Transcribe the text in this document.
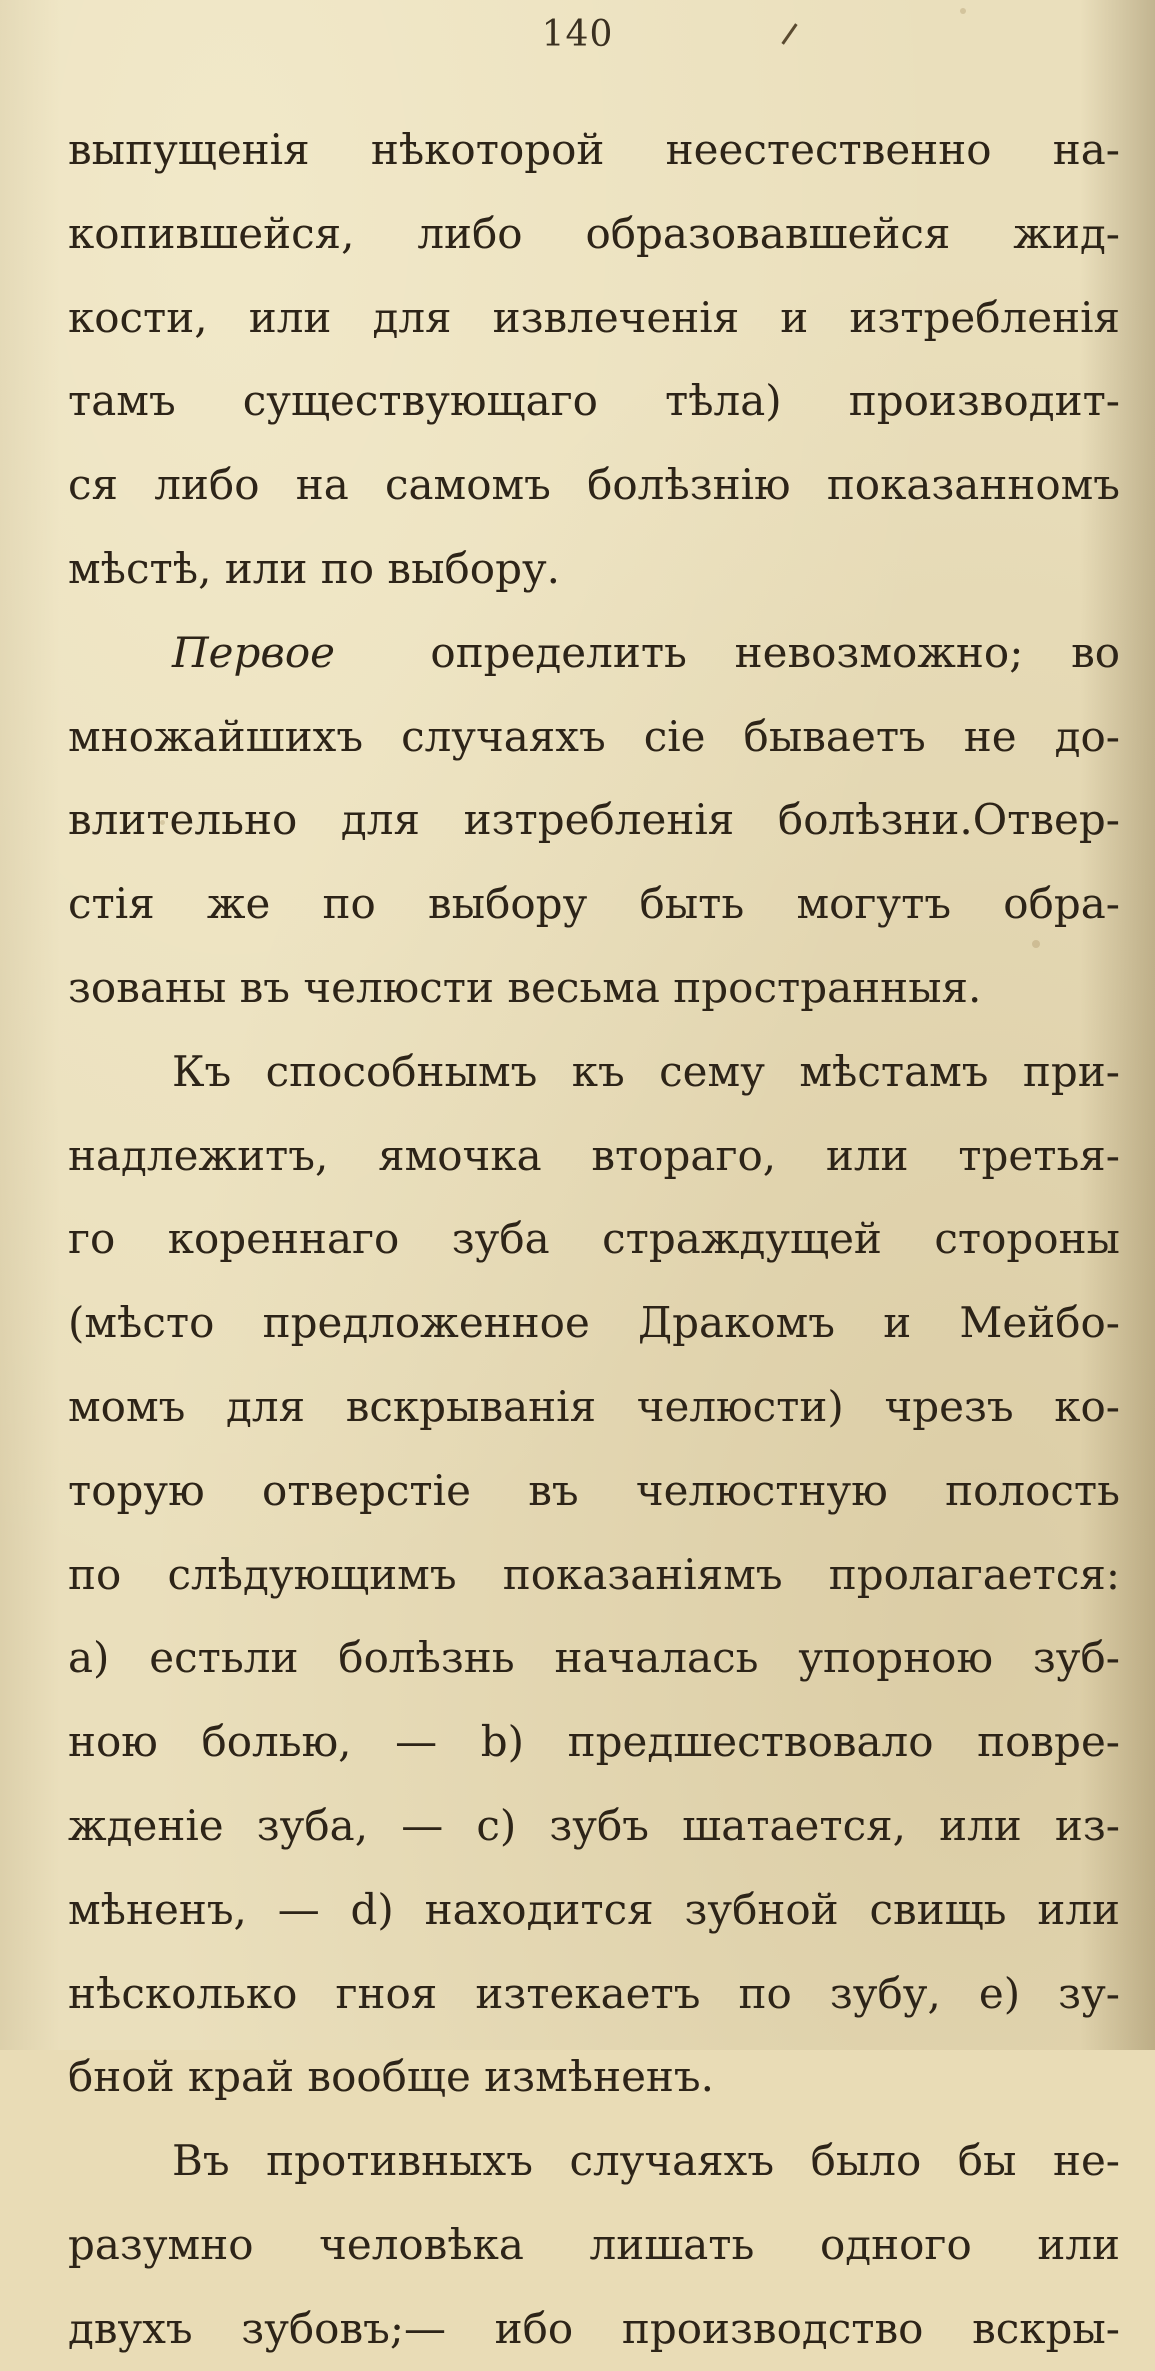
140
выпущенія нѣкоторой неестественно на-
копившейся, либо образовавшейся жид-
кости, или для извлеченія и изтребленія
тамъ существующаго тѣла) производит-
ся либо на самомъ болѣзнію показанномъ
мѣстѣ, или по выбору.
Первое определить невозможно; во
множайшихъ случаяхъ сіе бываетъ не до-
влительно для изтребленія болѣзни.Отвер-
стія же по выбору быть могутъ обра-
зованы въ челюсти весьма пространныя.
Къ способнымъ къ сему мѣстамъ при-
надлежитъ, ямочка втораго, или третья-
го кореннаго зуба страждущей стороны
(мѣсто предложенное Дракомъ и Мейбо-
момъ для вскрыванія челюсти) чрезъ ко-
торую отверстіе въ челюстную полость
по слѣдующимъ показаніямъ пролагается:
a) естьли болѣзнь началась упорною зуб-
ною болью, — b) предшествовало повре-
жденіе зуба, — c) зубъ шатается, или из-
мѣненъ, — d) находится зубной свищь или
нѣсколько гноя изтекаетъ по зубу, e) зу-
бной край вообще измѣненъ.
Въ противныхъ случаяхъ было бы не-
разумно человѣка лишать одного или
двухъ зубовъ;— ибо производство вскры-
